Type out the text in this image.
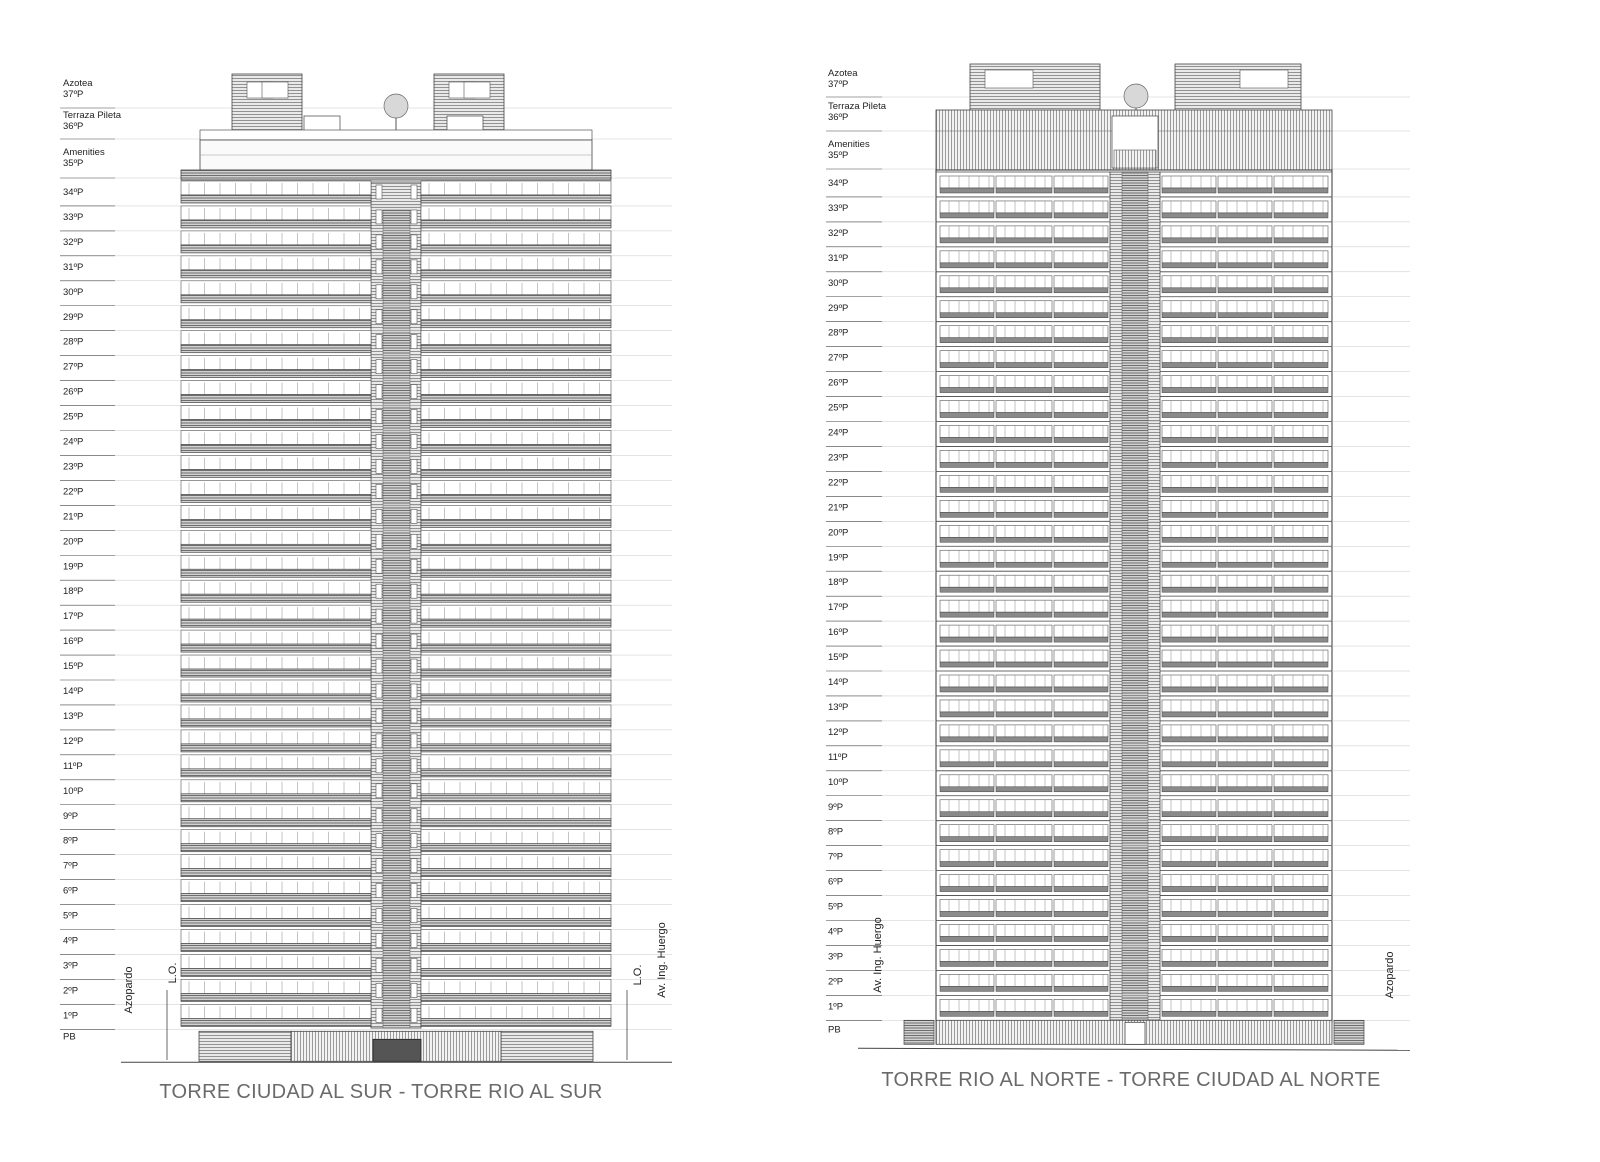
Azotea
37ºP
Terraza Pileta
36ºP
Amenities
35ºP
34ºP
33ºP
32ºP
31ºP
30ºP
29ºP
28ºP
27ºP
26ºP
25ºP
24ºP
23ºP
22ºP
21ºP
20ºP
19ºP
18ºP
17ºP
16ºP
15ºP
14ºP
13ºP
12ºP
11ºP
10ºP
9ºP
8ºP
7ºP
6ºP
5ºP
4ºP
3ºP
2ºP
1ºP
PB
Azopardo	L.O.	L.O. Av. Ing. Huergo
TORRE CIUDAD AL SUR - TORRE RIO AL SUR
Azotea
37ºP
Terraza Pileta
36ºP
Amenities
35ºP
34ºP
33ºP
32ºP
31ºP
30ºP
29ºP
28ºP
27ºP
26ºP
25ºP
24ºP
23ºP
22ºP
21ºP
20ºP
19ºP
18ºP
17ºP
16ºP
15ºP
14ºP
13ºP
12ºP
11ºP
10ºP
9ºP
8ºP
7ºP
6ºP
5ºP
4ºP
3ºP
2ºP
1ºP
PB
Av. Ing. Huergo	Azopardo
TORRE RIO AL NORTE - TORRE CIUDAD AL NORTE
